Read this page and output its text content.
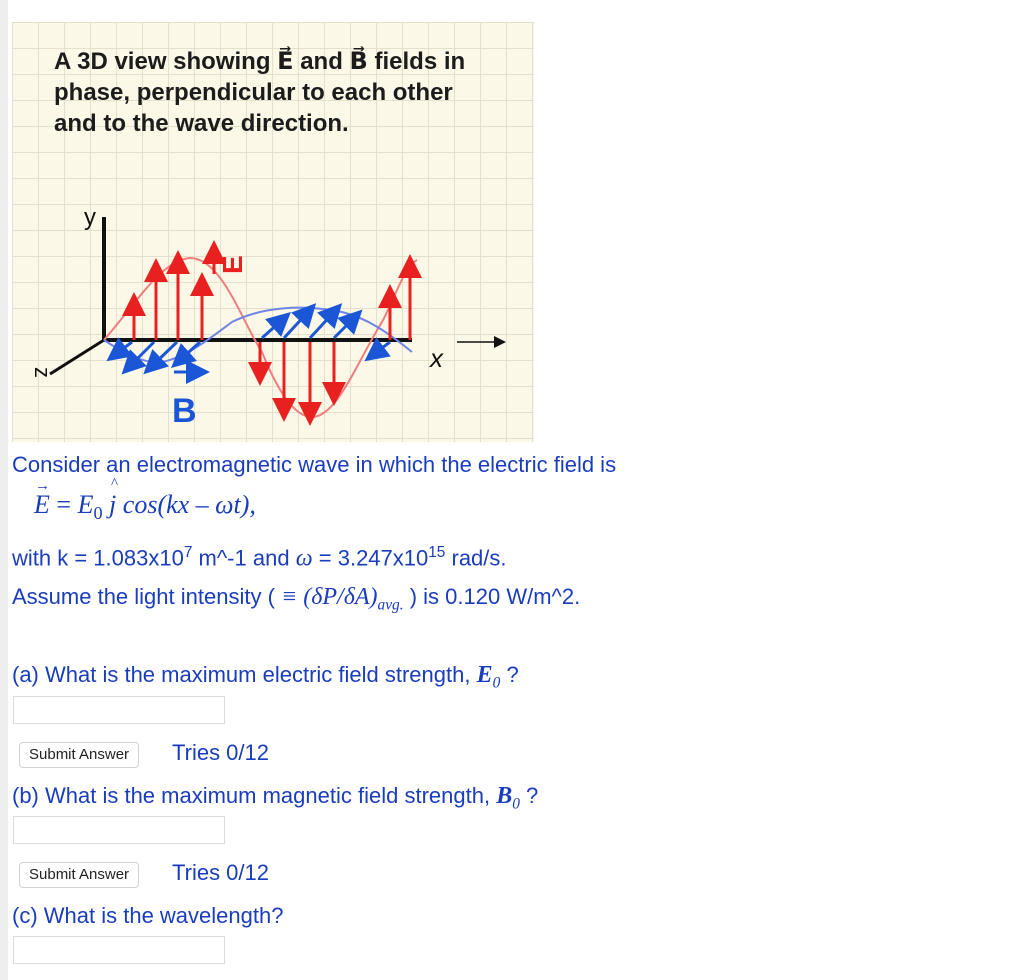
A 3D view showing E⃗ and B⃗ fields in phase, perpendicular to each other and to the wave direction.

y
x
z
E
B

Consider an electromagnetic wave in which the electric field is

→
$E = E_0$
^
j cos(kx – ωt),

with $k = 1.083x10^7$ m^-1 and $\omega = 3.247x10^{15}$ rad/s.

Assume the light intensity ( ≡ $(\delta P/\delta A)_{avg.}$ ) is 0.120 W/m^2.

(a) What is the maximum electric field strength, $E_0$ ?

Submit Answer	Tries 0/12

(b) What is the maximum magnetic field strength, $B_0$ ?

Submit Answer	Tries 0/12

(c) What is the wavelength?
